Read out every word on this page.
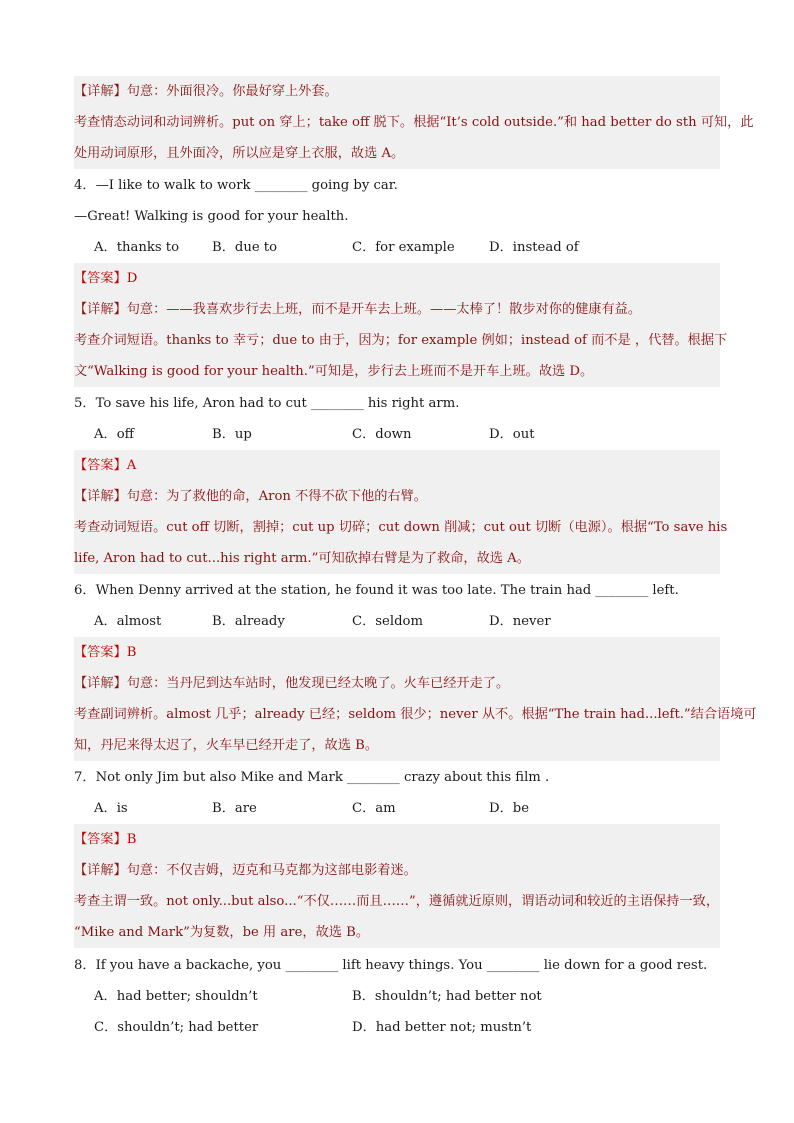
【详解】句意：外面很冷。你最好穿上外套。
考查情态动词和动词辨析。put on 穿上；take off 脱下。根据“It’s cold outside.”和 had better do sth 可知，此
处用动词原形，且外面冷，所以应是穿上衣服，故选 A。
4．—I like to walk to work ________ going by car.
—Great! Walking is good for your health.
A．thanks to B．due to	C．for example	D．instead of
【答案】D
【详解】句意：——我喜欢步行去上班，而不是开车去上班。——太棒了！散步对你的健康有益。
考查介词短语。thanks to 幸亏；due to 由于，因为；for example 例如；instead of 而不是 ，代替。根据下
文“Walking is good for your health.”可知是，步行去上班而不是开车上班。故选 D。
5．To save his life, Aron had to cut ________ his right arm.
A．off	B．up	C．down	D．out
【答案】A
【详解】句意：为了救他的命，Aron 不得不砍下他的右臂。
考查动词短语。cut off 切断，割掉；cut up 切碎；cut down 削减；cut out 切断（电源）。根据“To save his
life, Aron had to cut...his right arm.”可知砍掉右臂是为了救命，故选 A。
6．When Denny arrived at the station, he found it was too late. The train had ________ left.
A．almost	B．already	C．seldom	D．never
【答案】B
【详解】句意：当丹尼到达车站时，他发现已经太晚了。火车已经开走了。
考查副词辨析。almost 几乎；already 已经；seldom 很少；never 从不。根据“The train had...left.”结合语境可
知，丹尼来得太迟了，火车早已经开走了，故选 B。
7．Not only Jim but also Mike and Mark ________ crazy about this film .
A．is	B．are	C．am	D．be
【答案】B
【详解】句意：不仅吉姆，迈克和马克都为这部电影着迷。
考查主谓一致。not only...but also...“不仅……而且……”，遵循就近原则，谓语动词和较近的主语保持一致，
“Mike and Mark”为复数，be 用 are，故选 B。
8．If you have a backache, you ________ lift heavy things. You ________ lie down for a good rest.
A．had better; shouldn’t	B．shouldn’t; had better not
C．shouldn’t; had better	D．had better not; mustn’t
